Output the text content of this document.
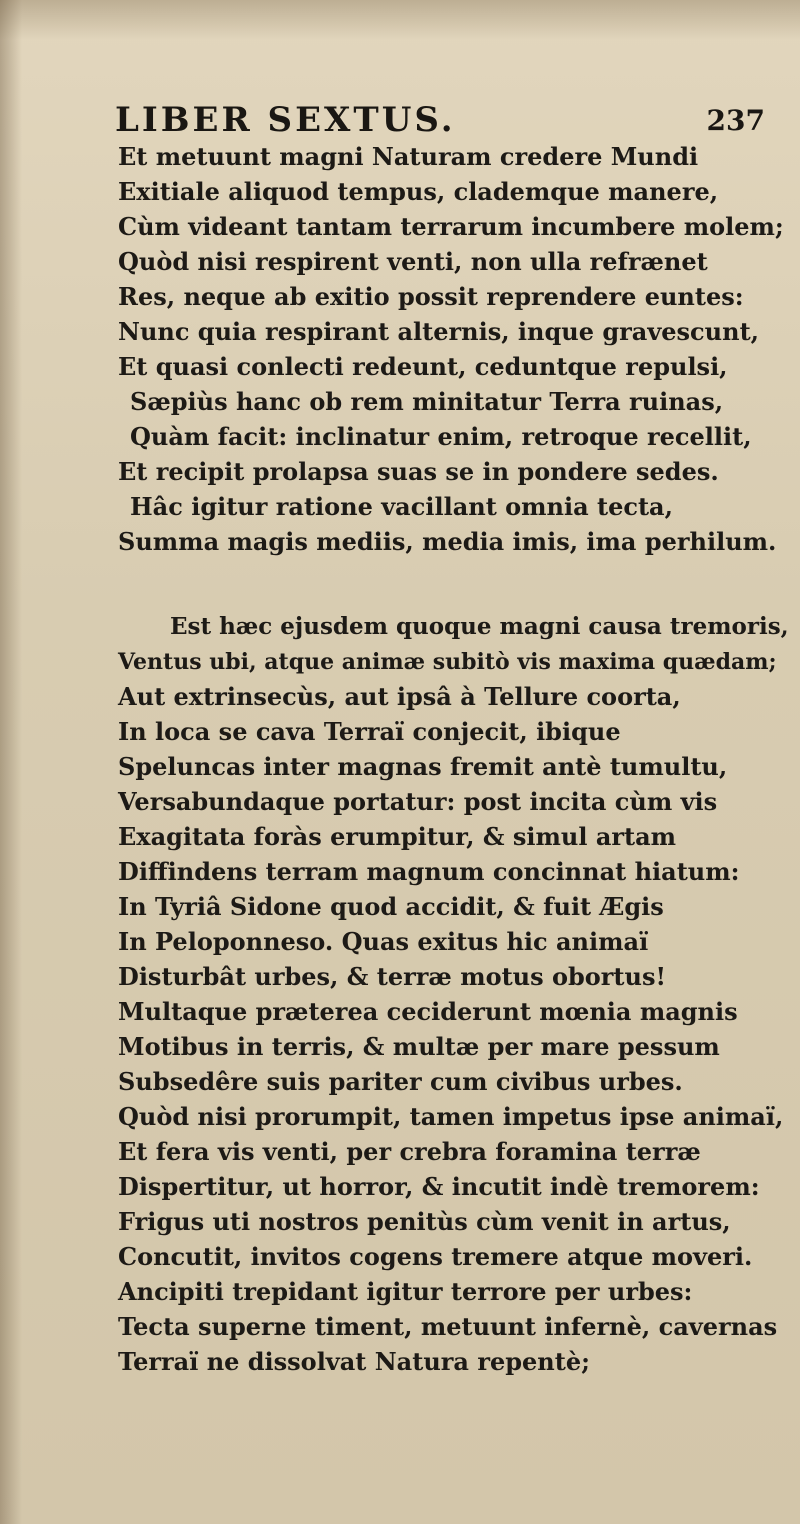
LIBER SEXTUS.	237
Et metuunt magni Naturam credere Mundi
Exitiale aliquod tempus, clademque manere,
Cùm videant tantam terrarum incumbere molem;
Quòd nisi respirent venti, non ulla refrænet
Res, neque ab exitio possit reprendere euntes:
Nunc quia respirant alternis, inque gravescunt,
Et quasi conlecti redeunt, ceduntque repulsi,
Sæpiùs hanc ob rem minitatur Terra ruinas,
Quàm facit: inclinatur enim, retroque recellit,
Et recipit prolapsa suas se in pondere sedes.
Hâc igitur ratione vacillant omnia tecta,
Summa magis mediis, media imis, ima perhilum.
Est hæc ejusdem quoque magni causa tremoris,
Ventus ubi, atque animæ subitò vis maxima quædam;
Aut extrinsecùs, aut ipsâ à Tellure coorta,
In loca se cava Terraï conjecit, ibique
Speluncas inter magnas fremit antè tumultu,
Versabundaque portatur: post incita cùm vis
Exagitata foràs erumpitur, & simul artam
Diffindens terram magnum concinnat hiatum:
In Tyriâ Sidone quod accidit, & fuit Ægis
In Peloponneso. Quas exitus hic animaï
Disturbât urbes, & terræ motus obortus!
Multaque præterea ceciderunt mœnia magnis
Motibus in terris, & multæ per mare pessum
Subsedêre suis pariter cum civibus urbes.
Quòd nisi prorumpit, tamen impetus ipse animaï,
Et fera vis venti, per crebra foramina terræ
Dispertitur, ut horror, & incutit indè tremorem:
Frigus uti nostros penitùs cùm venit in artus,
Concutit, invitos cogens tremere atque moveri.
Ancipiti trepidant igitur terrore per urbes:
Tecta superne timent, metuunt infernè, cavernas
Terraï ne dissolvat Natura repentè;
